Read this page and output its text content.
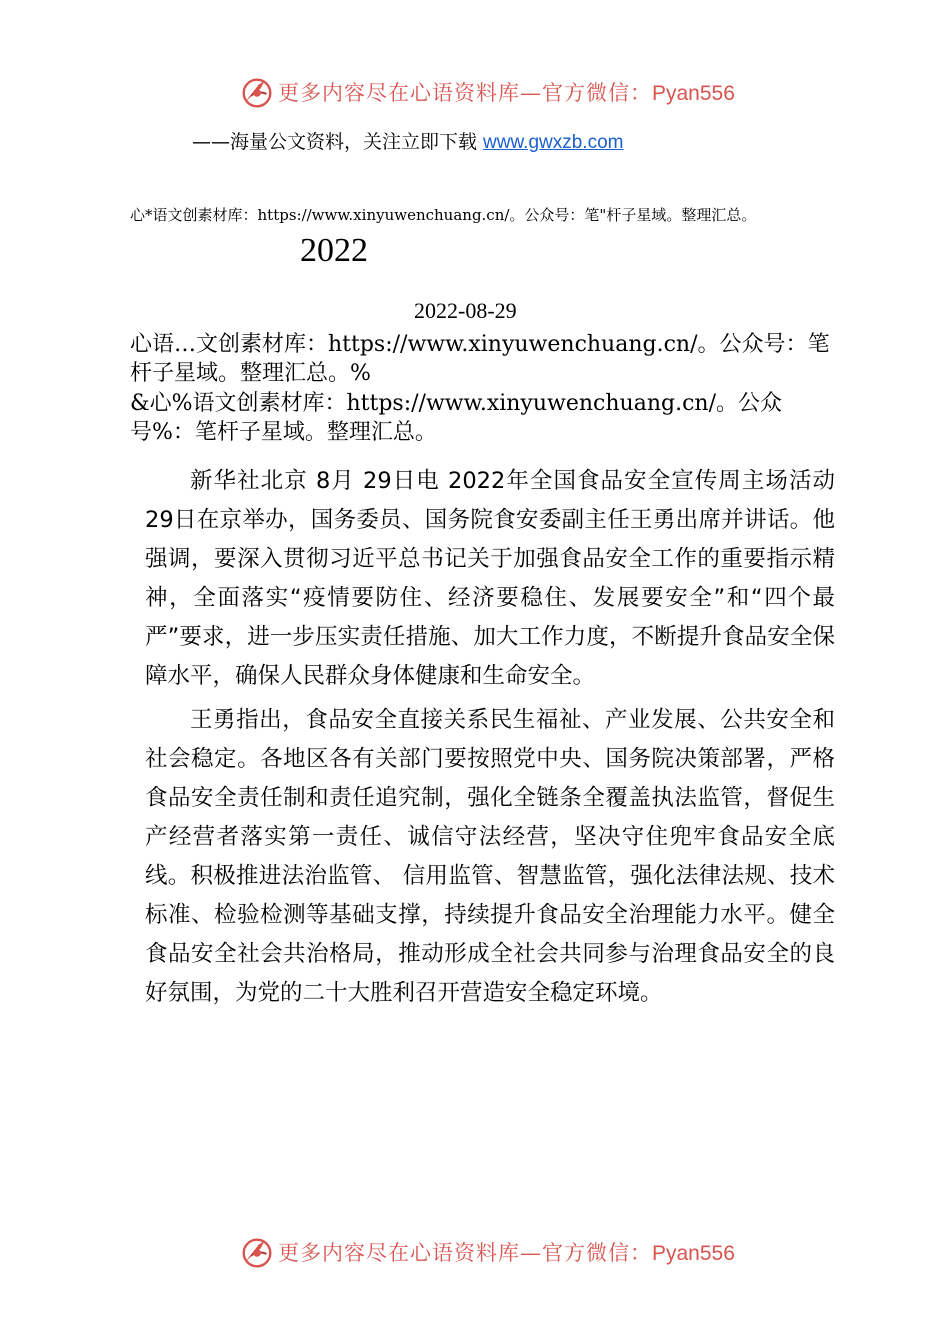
更多内容尽在心语资料库—官方微信：Pyan556
——海量公文资料，关注立即下载 www.gwxzb.com
心*语文创素材库：https://www.xinyuwenchuang.cn/。公众号：笔"杆子星域。整理汇总。
2022
2022-08-29
心语…文创素材库：https://www.xinyuwenchuang.cn/。公众号：笔杆子星域。整理汇总。%
&心%语文创素材库：https://www.xinyuwenchuang.cn/。公众号%：笔杆子星域。整理汇总。

新华社北京 8月 29日电 2022年全国食品安全宣传周主场活动 29日在京举办，国务委员、国务院食安委副主任王勇出席并讲话。他强调，要深入贯彻习近平总书记关于加强食品安全工作的重要指示精神，全面落实“疫情要防住、经济要稳住、发展要安全”和“四个最严”要求，进一步压实责任措施、加大工作力度，不断提升食品安全保障水平，确保人民群众身体健康和生命安全。

王勇指出，食品安全直接关系民生福祉、产业发展、公共安全和社会稳定。各地区各有关部门要按照党中央、国务院决策部署，严格食品安全责任制和责任追究制，强化全链条全覆盖执法监管，督促生产经营者落实第一责任、诚信守法经营，坚决守住兜牢食品安全底线。积极推进法治监管、 信用监管、智慧监管，强化法律法规、技术标准、检验检测等基础支撑，持续提升食品安全治理能力水平。健全食品安全社会共治格局，推动形成全社会共同参与治理食品安全的良好氛围，为党的二十大胜利召开营造安全稳定环境。

更多内容尽在心语资料库—官方微信：Pyan556
